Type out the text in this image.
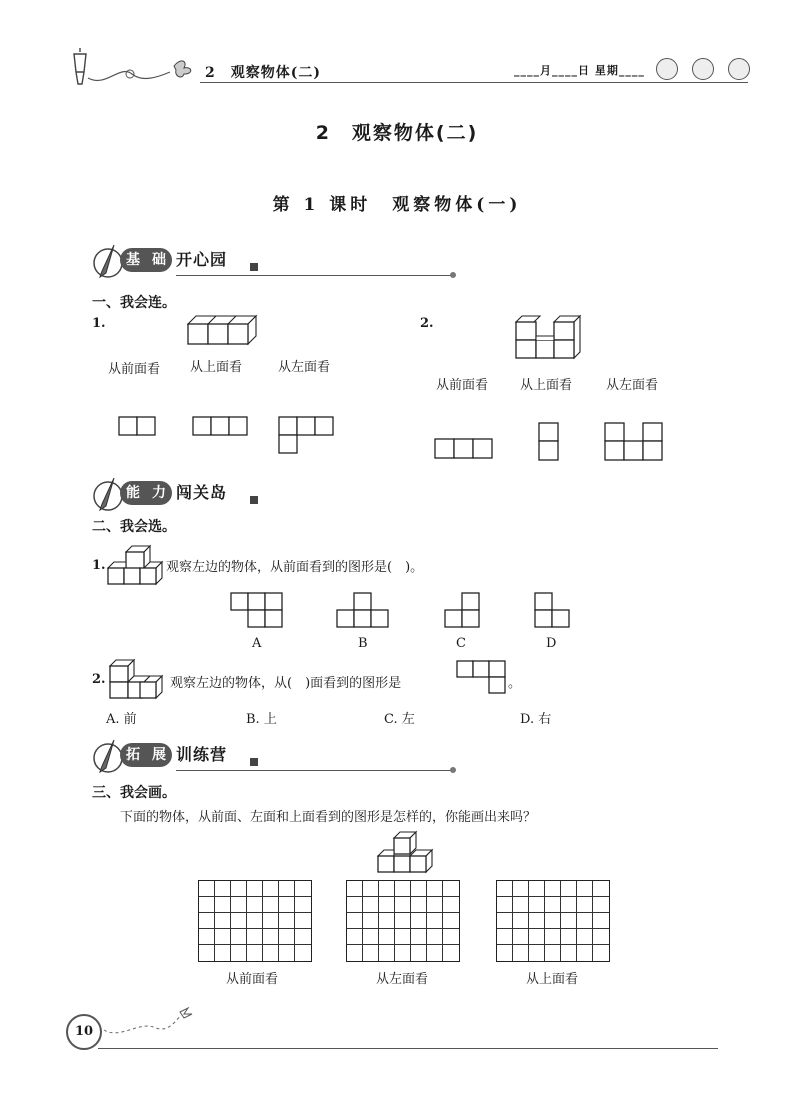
2　观察物体(二)	____月____日 星期____
2　观察物体(二)
第 1 课时　观察物体(一)
基 础 开心园
一、我会连。
1.
从前面看 从上面看	从左面看
2.
从前面看 从上面看	从左面看
能 力 闯关岛
二、我会选。
1.	观察左边的物体，从前面看到的图形是(　)。
A	B	C	D
2.	观察左边的物体，从(　)面看到的图形是	。
A. 前	B. 上	C. 左	D. 右
拓 展 训练营
三、我会画。
下面的物体，从前面、左面和上面看到的图形是怎样的，你能画出来吗？
从前面看	从左面看	从上面看
10
